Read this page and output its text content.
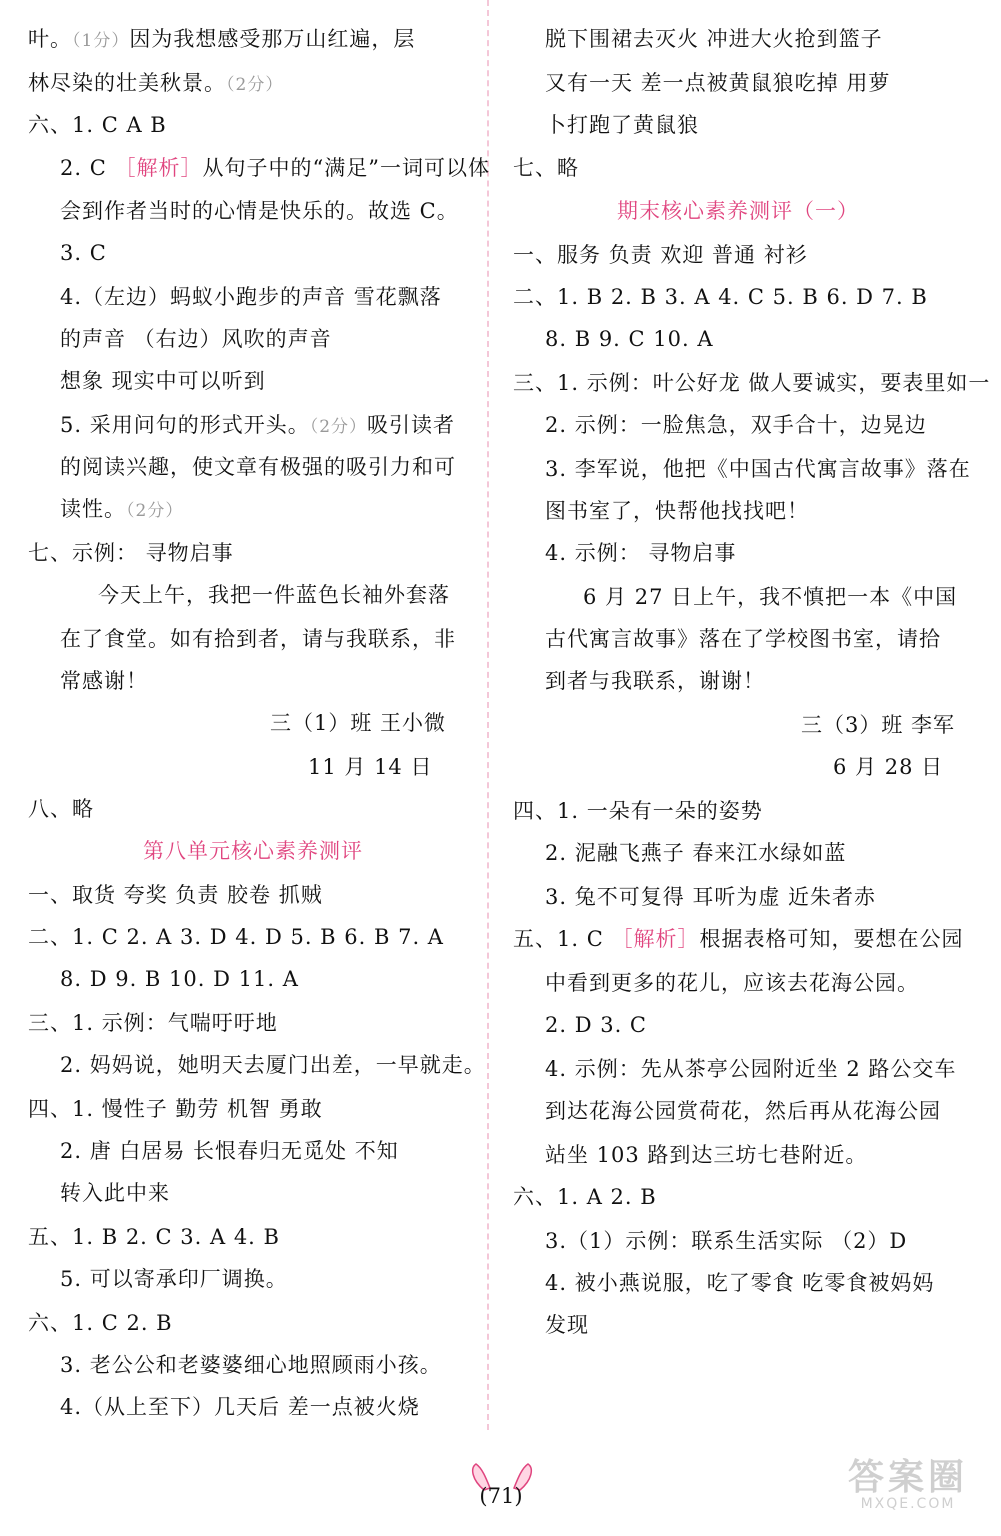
叶。（1分）因为我想感受那万山红遍，层
林尽染的壮美秋景。（2分）
六、1. C A B
2. C ［解析］从句子中的“满足”一词可以体
会到作者当时的心情是快乐的。故选 C。
3. C
4.（左边）蚂蚁小跑步的声音 雪花飘落
的声音 （右边）风吹的声音
想象 现实中可以听到
5. 采用问句的形式开头。（2分）吸引读者
的阅读兴趣，使文章有极强的吸引力和可
读性。（2分）
七、示例： 寻物启事
今天上午，我把一件蓝色长袖外套落
在了食堂。如有拾到者，请与我联系，非
常感谢！
三（1）班 王小微
11 月 14 日
八、略
第八单元核心素养测评
一、取货 夸奖 负责 胶卷 抓贼
二、1. C 2. A 3. D 4. D 5. B 6. B 7. A
8. D 9. B 10. D 11. A
三、1. 示例：气喘吁吁地
2. 妈妈说，她明天去厦门出差，一早就走。
四、1. 慢性子 勤劳 机智 勇敢
2. 唐 白居易 长恨春归无觅处 不知
转入此中来
五、1. B 2. C 3. A 4. B
5. 可以寄承印厂调换。
六、1. C 2. B
3. 老公公和老婆婆细心地照顾雨小孩。
4.（从上至下）几天后 差一点被火烧
脱下围裙去灭火 冲进大火抢到篮子
又有一天 差一点被黄鼠狼吃掉 用萝
卜打跑了黄鼠狼
七、略
期末核心素养测评（一）
一、服务 负责 欢迎 普通 衬衫
二、1. B 2. B 3. A 4. C 5. B 6. D 7. B
8. B 9. C 10. A
三、1. 示例：叶公好龙 做人要诚实，要表里如一
2. 示例：一脸焦急，双手合十，边晃边
3. 李军说，他把《中国古代寓言故事》落在
图书室了，快帮他找找吧！
4. 示例： 寻物启事
6 月 27 日上午，我不慎把一本《中国
古代寓言故事》落在了学校图书室，请拾
到者与我联系，谢谢！
三（3）班 李军
6 月 28 日
四、1. 一朵有一朵的姿势
2. 泥融飞燕子 春来江水绿如蓝
3. 兔不可复得 耳听为虚 近朱者赤
五、1. C ［解析］根据表格可知，要想在公园
中看到更多的花儿，应该去花海公园。
2. D 3. C
4. 示例：先从茶亭公园附近坐 2 路公交车
到达花海公园赏荷花，然后再从花海公园
站坐 103 路到达三坊七巷附近。
六、1. A 2. B
3.（1）示例：联系生活实际 （2）D
4. 被小燕说服，吃了零食 吃零食被妈妈
发现
(71)	答案圈
MXQE.COM
